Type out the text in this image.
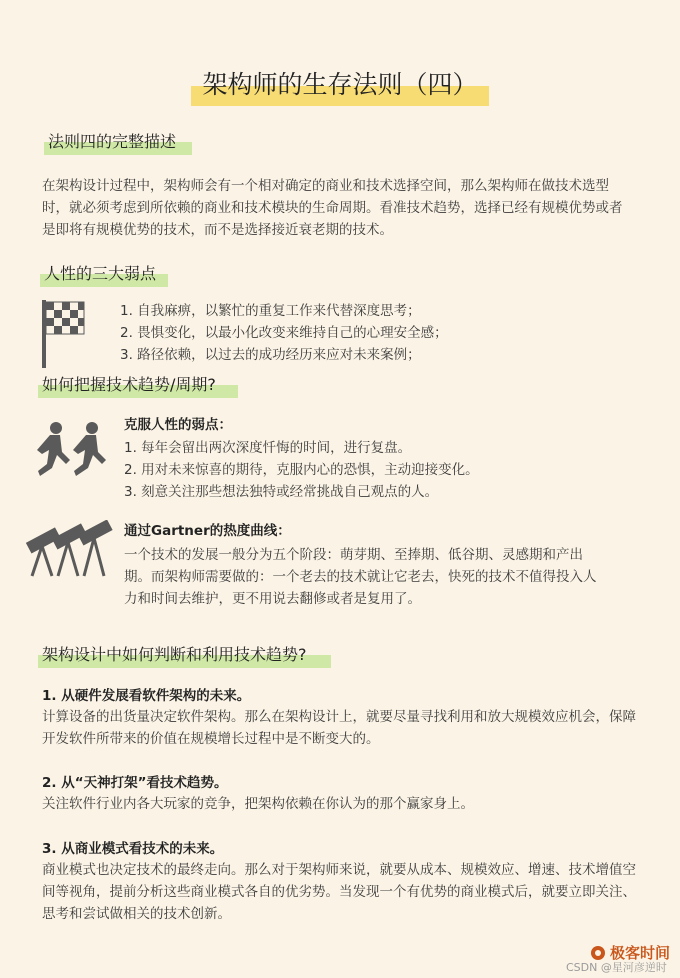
架构师的生存法则（四）
法则四的完整描述
在架构设计过程中，架构师会有一个相对确定的商业和技术选择空间，那么架构师在做技术选型时，就必须考虑到所依赖的商业和技术模块的生命周期。看准技术趋势，选择已经有规模优势或者是即将有规模优势的技术，而不是选择接近衰老期的技术。
人性的三大弱点
1. 自我麻痹，以繁忙的重复工作来代替深度思考；
2. 畏惧变化，以最小化改变来维持自己的心理安全感；
3. 路径依赖，以过去的成功经历来应对未来案例；
如何把握技术趋势/周期?
克服人性的弱点：
1. 每年会留出两次深度忏悔的时间，进行复盘。
2. 用对未来惊喜的期待，克服内心的恐惧，主动迎接变化。
3. 刻意关注那些想法独特或经常挑战自己观点的人。
通过Gartner的热度曲线：
一个技术的发展一般分为五个阶段：萌芽期、至捧期、低谷期、灵感期和产出期。而架构师需要做的：一个老去的技术就让它老去，快死的技术不值得投入人力和时间去维护，更不用说去翻修或者是复用了。
架构设计中如何判断和利用技术趋势?
1. 从硬件发展看软件架构的未来。
计算设备的出货量决定软件架构。那么在架构设计上，就要尽量寻找利用和放大规模效应机会，保障开发软件所带来的价值在规模增长过程中是不断变大的。
2. 从“天神打架”看技术趋势。
关注软件行业内各大玩家的竞争，把架构依赖在你认为的那个赢家身上。
3. 从商业模式看技术的未来。
商业模式也决定技术的最终走向。那么对于架构师来说，就要从成本、规模效应、增速、技术增值空间等视角，提前分析这些商业模式各自的优劣势。当发现一个有优势的商业模式后，就要立即关注、思考和尝试做相关的技术创新。
极客时间
CSDN @星河彦逆时
